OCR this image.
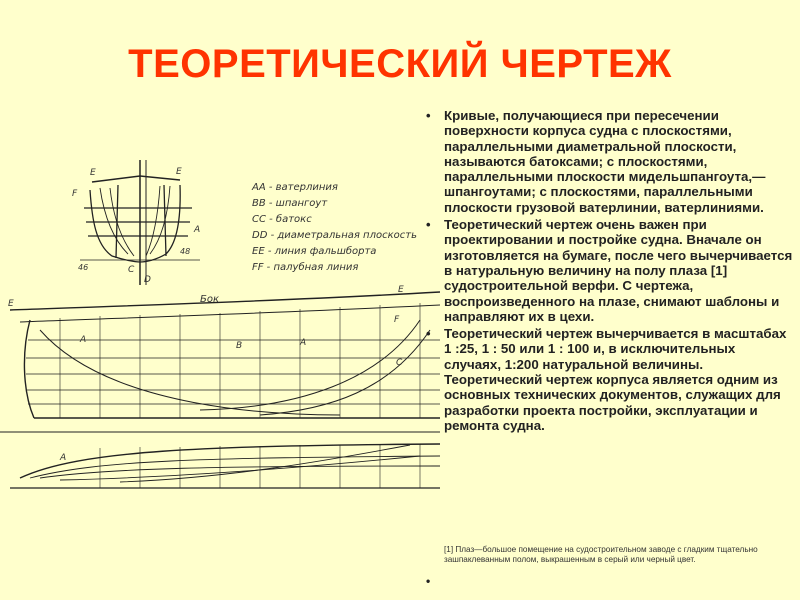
ТЕОРЕТИЧЕСКИЙ ЧЕРТЕЖ
E	E
F
A
46
48
C
D
АА - ватерлиния
ВВ - шпангоут
СС - батокс
DD - диаметральная плоскость
ЕЕ - линия фальшборта
FF - палубная линия
Бок
E
E
F
A	A
B
C
A
• Кривые, получающиеся при пересечении поверхности корпуса судна с плоскостями, параллельными диаметральной плоскости, называются батоксами; с плоскостями, параллельными плоскости мидельшпангоута,— шпангоутами; с плоскостями, параллельными плоскости грузовой ватерлинии, ватерлиниями.
• Теоретический чертеж очень важен при проектировании и постройке судна. Вначале он изготовляется на бумаге, после чего вычерчивается в натуральную величину на полу плаза [1] судостроительной верфи. С чертежа, воспроизведенного на плазе, снимают шаблоны и направляют их в цехи.
• Теоретический чертеж вычерчивается в масштабах 1 :25, 1 : 50 или 1 : 100 и, в исключительных случаях, 1:200 натуральной величины. Теоретический чертеж корпуса является одним из основных технических документов, служащих для разработки проекта постройки, эксплуатации и ремонта судна.
[1] Плаз—большое помещение на судостроительном заводе с гладким тщательно зашпаклеванным полом, выкрашенным в серый или черный цвет.
•
